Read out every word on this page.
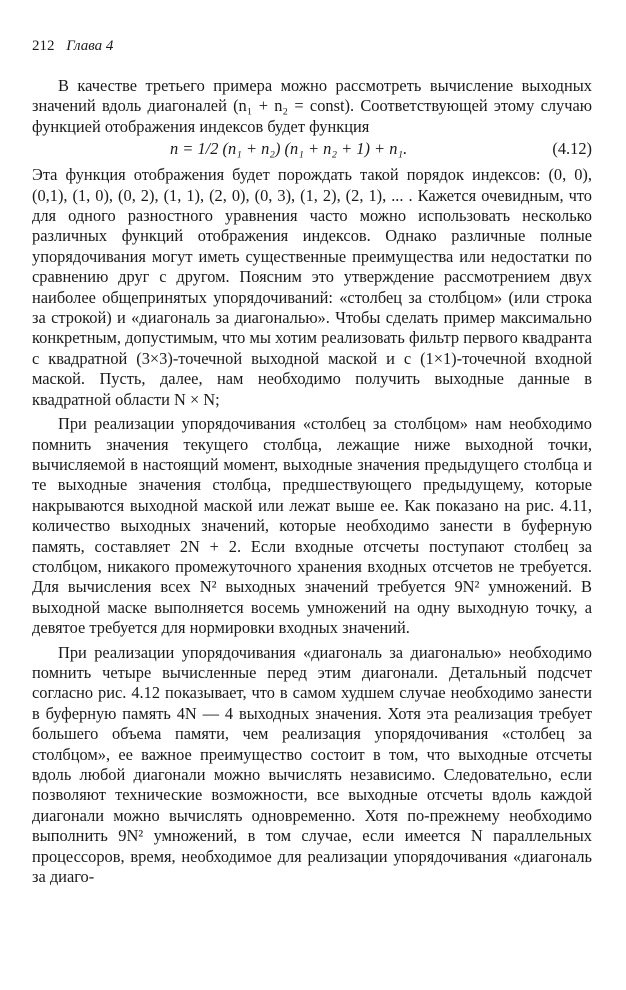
212 Глава 4

В качестве третьего примера можно рассмотреть вычисление выходных значений вдоль диагоналей (n₁ + n₂ = const). Соответствующей этому случаю функцией отображения индексов будет функция

n = 1/2 (n₁ + n₂) (n₁ + n₂ + 1) + n₁.	(4.12)

Эта функция отображения будет порождать такой порядок индексов: (0, 0), (0,1), (1, 0), (0, 2), (1, 1), (2, 0), (0, 3), (1, 2), (2, 1), ... . Кажется очевидным, что для одного разностного уравнения часто можно использовать несколько различных функций отображения индексов. Однако различные полные упорядочивания могут иметь существенные преимущества или недостатки по сравнению друг с другом. Поясним это утверждение рассмотрением двух наиболее общепринятых упорядочиваний: «столбец за столбцом» (или строка за строкой) и «диагональ за диагональю». Чтобы сделать пример максимально конкретным, допустимым, что мы хотим реализовать фильтр первого квадранта с квадратной (3×3)-точечной выходной маской и с (1×1)-точечной входной маской. Пусть, далее, нам необходимо получить выходные данные в квадратной области N × N;

При реализации упорядочивания «столбец за столбцом» нам необходимо помнить значения текущего столбца, лежащие ниже выходной точки, вычисляемой в настоящий момент, выходные значения предыдущего столбца и те выходные значения столбца, предшествующего предыдущему, которые накрываются выходной маской или лежат выше ее. Как показано на рис. 4.11, количество выходных значений, которые необходимо занести в буферную память, составляет 2N + 2. Если входные отсчеты поступают столбец за столбцом, никакого промежуточного хранения входных отсчетов не требуется. Для вычисления всех N² выходных значений требуется 9N² умножений. В выходной маске выполняется восемь умножений на одну выходную точку, а девятое требуется для нормировки входных значений.

При реализации упорядочивания «диагональ за диагональю» необходимо помнить четыре вычисленные перед этим диагонали. Детальный подсчет согласно рис. 4.12 показывает, что в самом худшем случае необходимо занести в буферную память 4N — 4 выходных значения. Хотя эта реализация требует большего объема памяти, чем реализация упорядочивания «столбец за столбцом», ее важное преимущество состоит в том, что выходные отсчеты вдоль любой диагонали можно вычислять независимо. Следовательно, если позволяют технические возможности, все выходные отсчеты вдоль каждой диагонали можно вычислять одновременно. Хотя по-прежнему необходимо выполнить 9N² умножений, в том случае, если имеется N параллельных процессоров, время, необходимое для реализации упорядочивания «диагональ за диаго-
